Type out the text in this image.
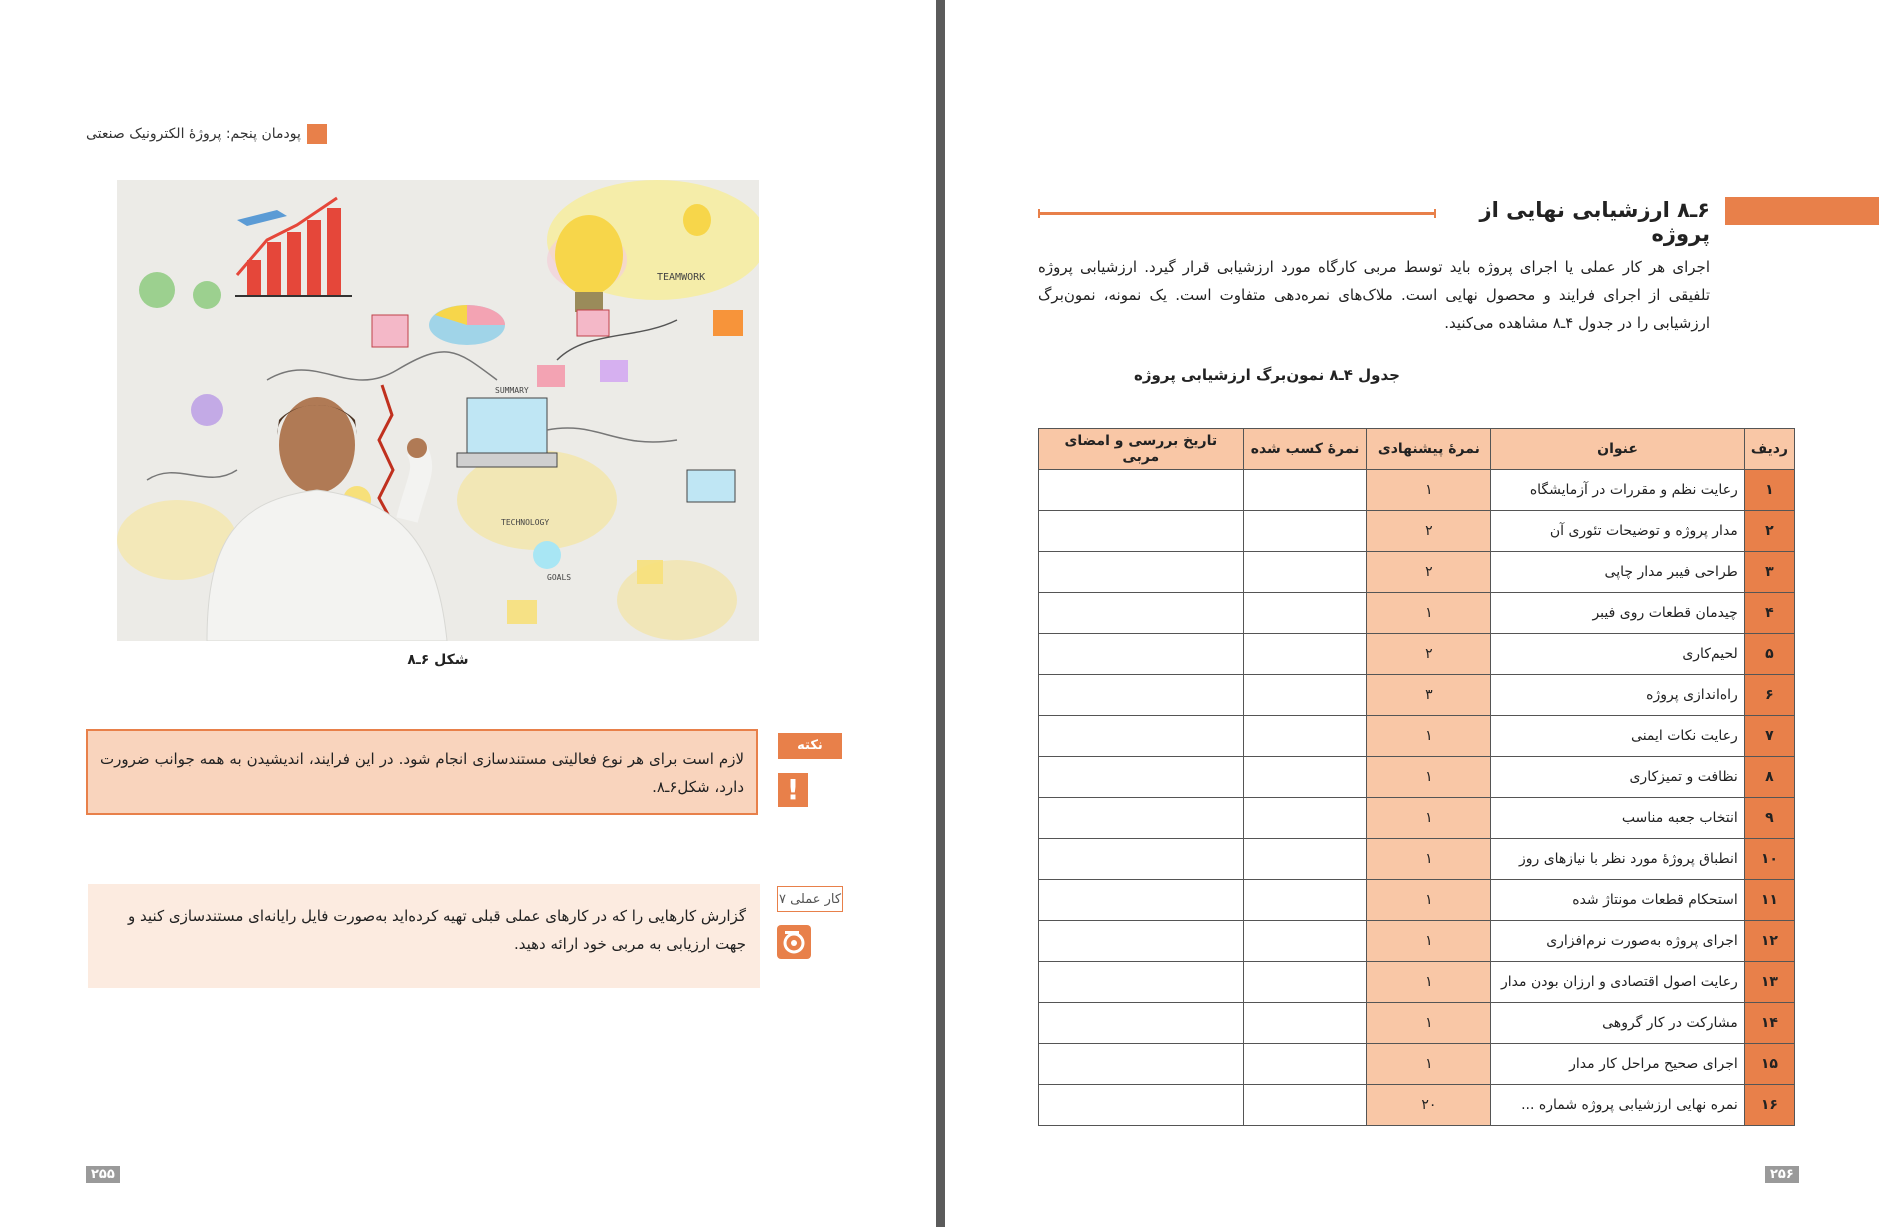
پودمان پنجم: پروژۀ الکترونیک صنعتی
TEAMWORK
SUMMARY
TECHNOLOGY
GOALS
شکل ۶ـ۸
لازم است برای هر نوع فعالیتی مستندسازی انجام شود. در این فرایند، اندیشیدن به همه جوانب ضرورت دارد، شکل۶ـ۸.
نکته
!
گزارش کارهایی را که در کارهای عملی قبلی تهیه کرده‌اید به‌صورت فایل رایانه‌ای مستندسازی کنید و جهت ارزیابی به مربی خود ارائه دهید.
کار عملی ۷
۲۵۵
۶ـ۸ ارزشیابی نهایی از پروژه
اجرای هر کار عملی یا اجرای پروژه باید توسط مربی کارگاه مورد ارزشیابی قرار گیرد. ارزشیابی پروژه تلفیقی از اجرای فرایند و محصول نهایی است. ملاک‌های نمره‌دهی متفاوت است. یک نمونه، نمون‌برگ ارزشیابی را در جدول ۴ـ۸ مشاهده می‌کنید.
جدول ۴ـ۸ نمون‌برگ ارزشیابی پروژه
ردیف	عنوان	نمرۀ پیشنهادی	نمرۀ کسب شده	تاریخ بررسی و امضای مربی
۱	رعایت نظم و مقررات در آزمایشگاه	۱		
۲	مدار پروژه و توضیحات تئوری آن	۲		
۳	طراحی فیبر مدار چاپی	۲		
۴	چیدمان قطعات روی فیبر	۱		
۵	لحیم‌کاری	۲		
۶	راه‌اندازی پروژه	۳		
۷	رعایت نکات ایمنی	۱		
۸	نظافت و تمیزکاری	۱		
۹	انتخاب جعبه مناسب	۱		
۱۰	انطباق پروژۀ مورد نظر با نیازهای روز	۱		
۱۱	استحکام قطعات مونتاژ شده	۱		
۱۲	اجرای پروژه به‌صورت نرم‌افزاری	۱		
۱۳	رعایت اصول اقتصادی و ارزان بودن مدار	۱		
۱۴	مشارکت در کار گروهی	۱		
۱۵	اجرای صحیح مراحل کار مدار	۱		
۱۶	نمره نهایی ارزشیابی پروژه شماره ...	۲۰		
۲۵۶
